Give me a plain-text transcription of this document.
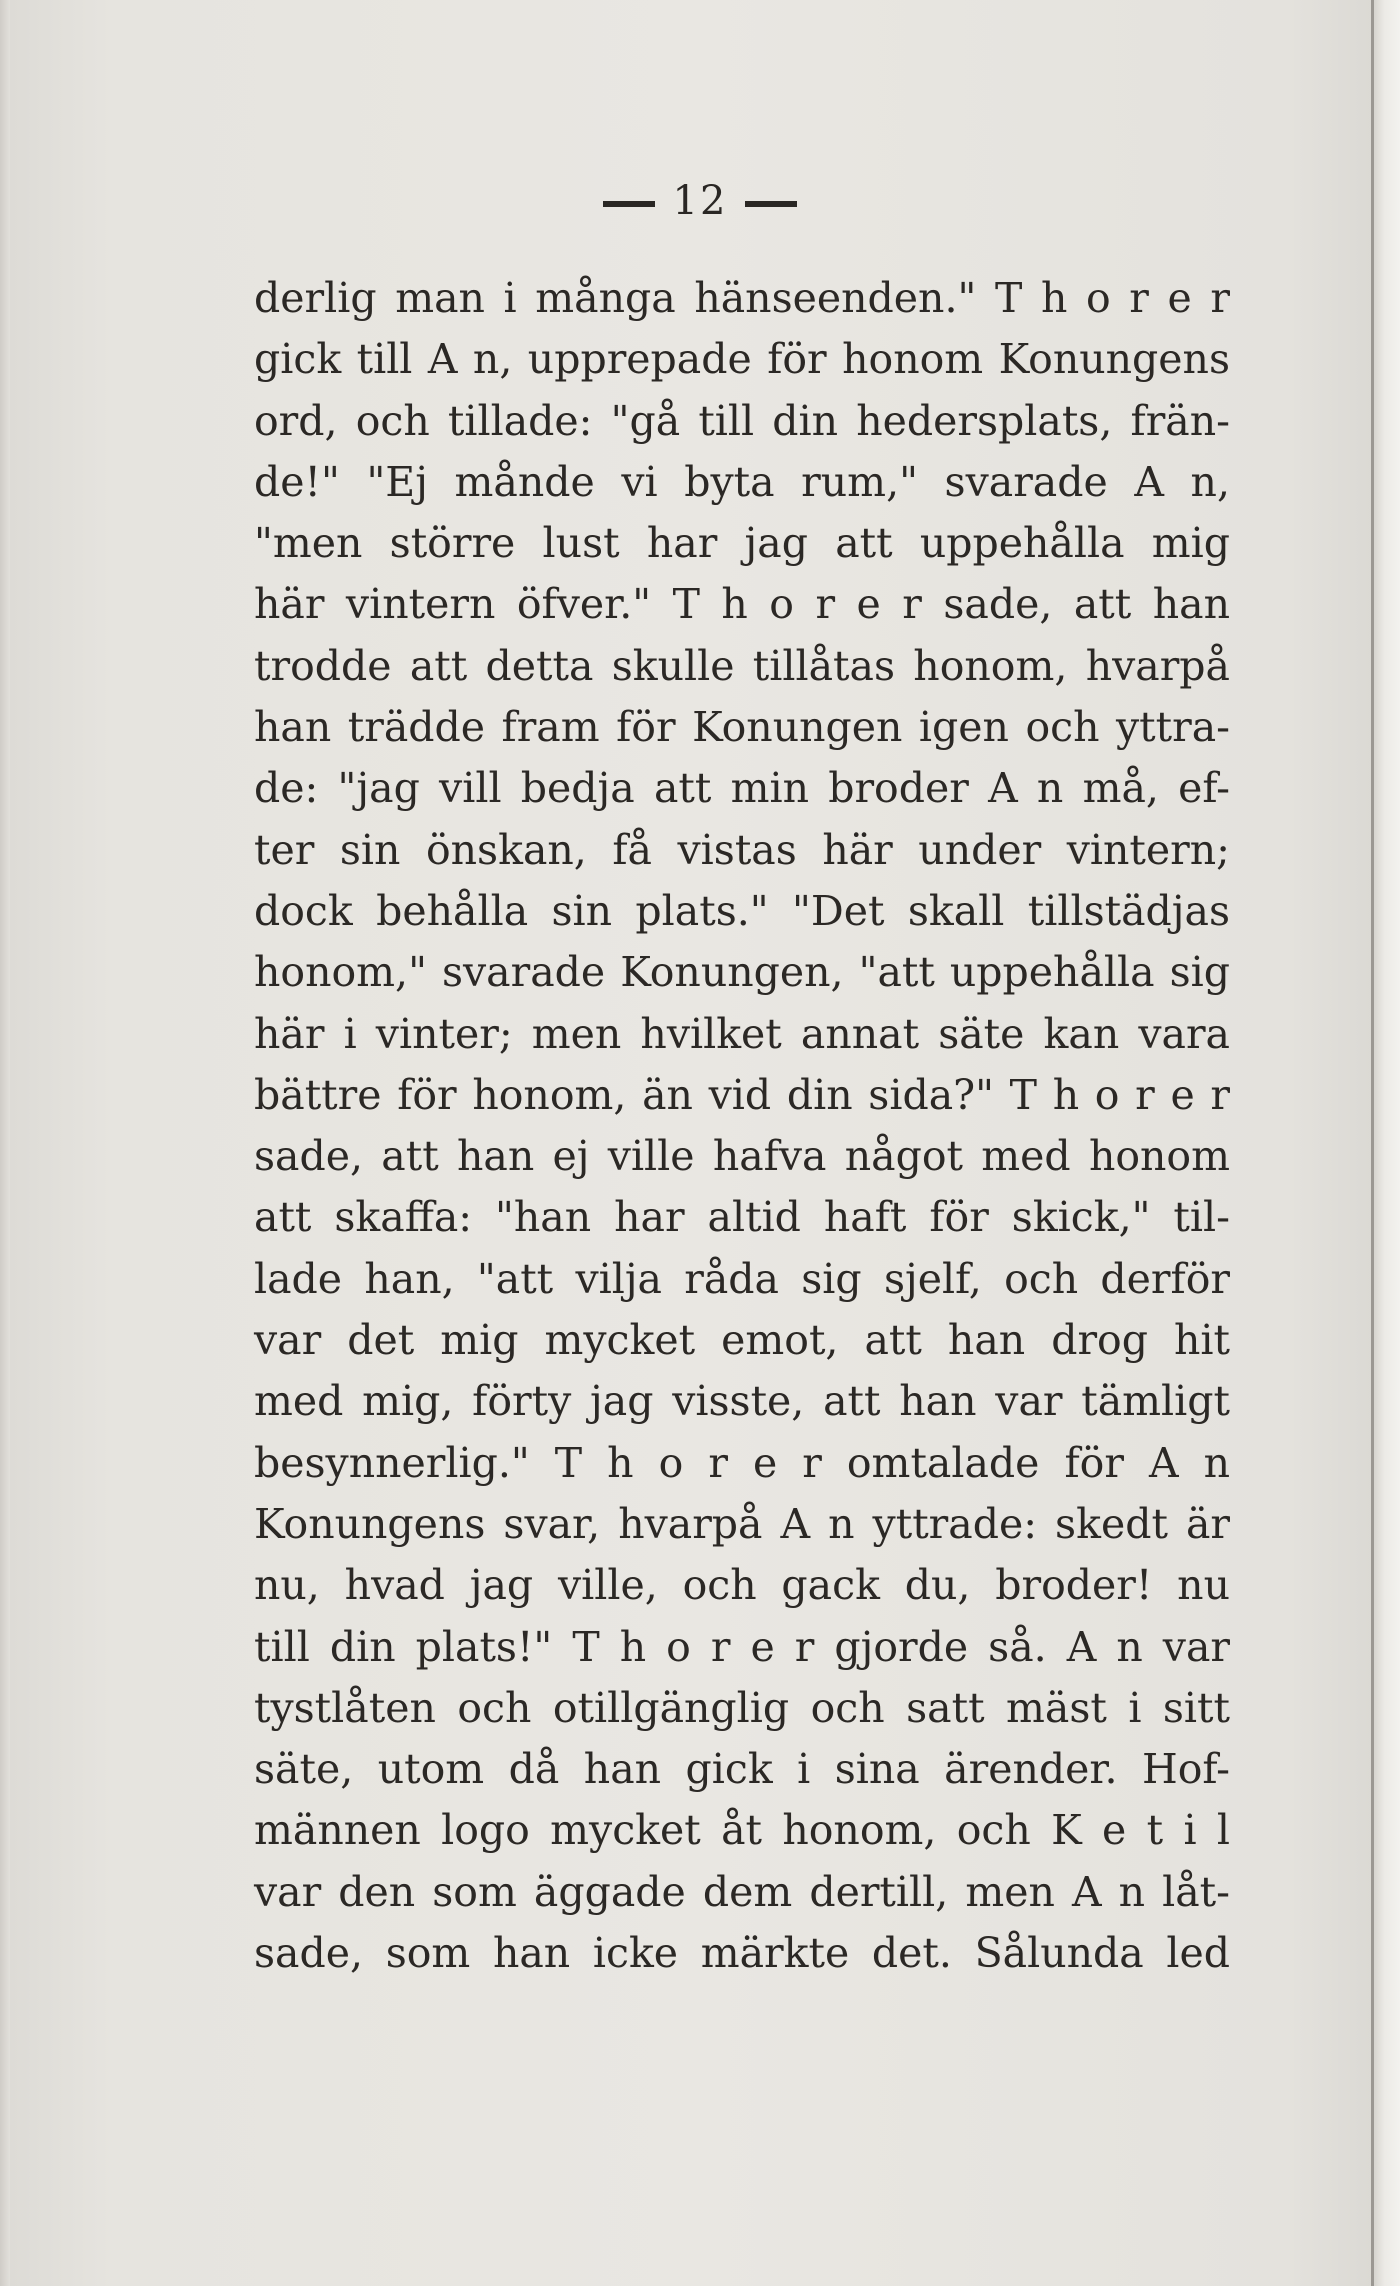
12
derlig man i många hänseenden." T h o r e r
gick till A n, upprepade för honom Konungens
ord, och tillade: "gå till din hedersplats, frän-
de!" "Ej månde vi byta rum," svarade A n,
"men större lust har jag att uppehålla mig
här vintern öfver." T h o r e r sade, att han
trodde att detta skulle tillåtas honom, hvarpå
han trädde fram för Konungen igen och yttra-
de: "jag vill bedja att min broder A n må, ef-
ter sin önskan, få vistas här under vintern;
dock behålla sin plats." "Det skall tillstädjas
honom," svarade Konungen, "att uppehålla sig
här i vinter; men hvilket annat säte kan vara
bättre för honom, än vid din sida?" T h o r e r
sade, att han ej ville hafva något med honom
att skaffa: "han har altid haft för skick," til-
lade han, "att vilja råda sig sjelf, och derför
var det mig mycket emot, att han drog hit
med mig, förty jag visste, att han var tämligt
besynnerlig." T h o r e r omtalade för A n
Konungens svar, hvarpå A n yttrade: skedt är
nu, hvad jag ville, och gack du, broder! nu
till din plats!" T h o r e r gjorde så. A n var
tystlåten och otillgänglig och satt mäst i sitt
säte, utom då han gick i sina ärender. Hof-
männen logo mycket åt honom, och K e t i l
var den som äggade dem dertill, men A n låt-
sade, som han icke märkte det. Sålunda led
